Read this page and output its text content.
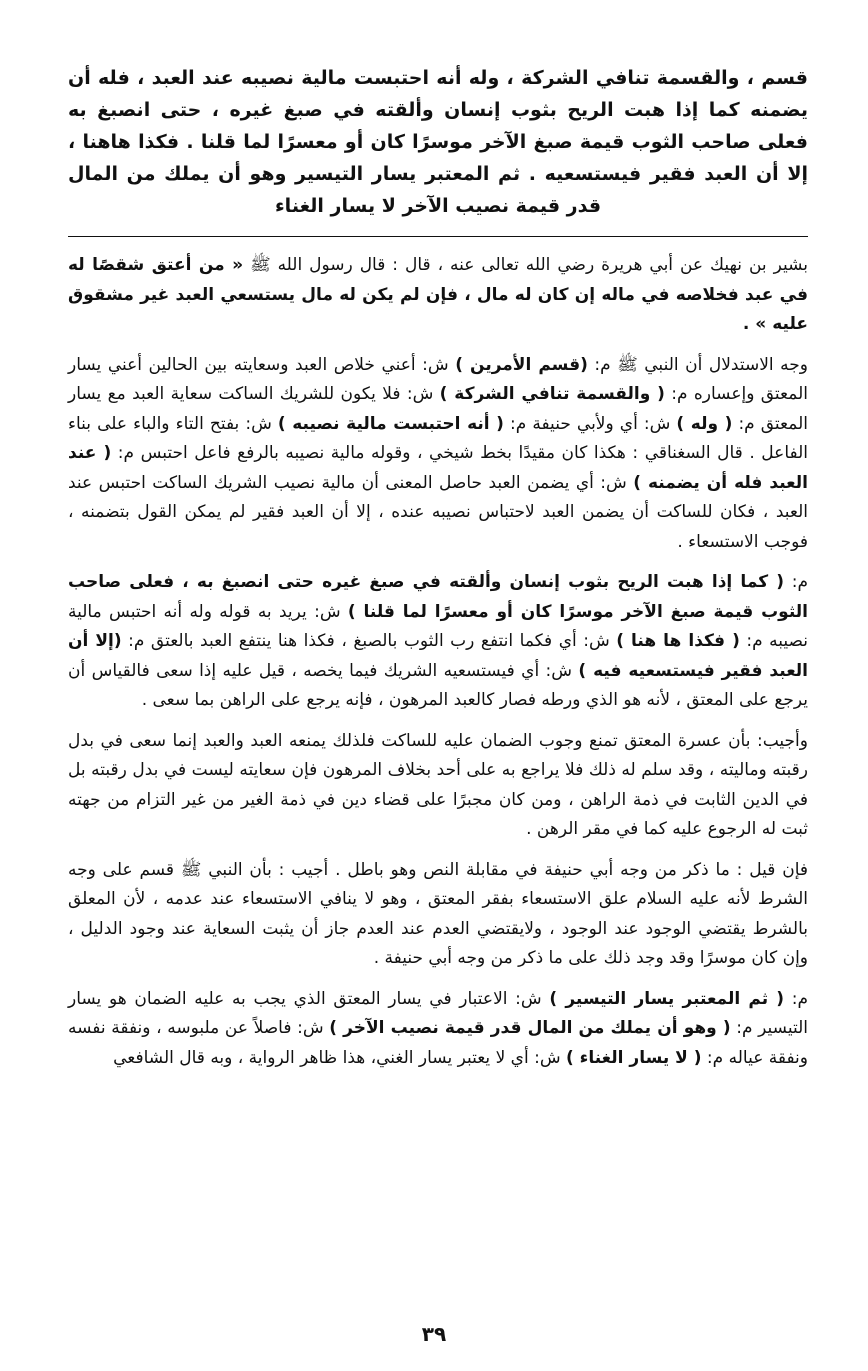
قسم ، والقسمة تنافي الشركة ، وله أنه احتبست مالية نصيبه عند العبد ، فله أن يضمنه كما إذا هبت الريح بثوب إنسان وألقته في صبغ غيره ، حتى انصبغ به فعلى صاحب الثوب قيمة صبغ الآخر موسرًا كان أو معسرًا لما قلنا . فكذا هاهنا ، إلا أن العبد فقير فيستسعيه . ثم المعتبر يسار التيسير وهو أن يملك من المال قدر قيمة نصيب الآخر لا يسار الغناء

بشير بن نهيك عن أبي هريرة رضي الله تعالى عنه ، قال : قال رسول الله ﷺ « من أعتق شقصًا له في عبد فخلاصه في ماله إن كان له مال ، فإن لم يكن له مال يستسعي العبد غير مشقوق عليه » .

وجه الاستدلال أن النبي ﷺ م: (قسم الأمرين ) ش: أعني خلاص العبد وسعايته بين الحالين أعني يسار المعتق وإعساره م: ( والقسمة تنافي الشركة ) ش: فلا يكون للشريك الساكت سعاية العبد مع يسار المعتق م: ( وله ) ش: أي ولأبي حنيفة م: ( أنه احتبست مالية نصيبه ) ش: بفتح التاء والباء على بناء الفاعل . قال السغناقي : هكذا كان مقيدًا بخط شيخي ، وقوله مالية نصيبه بالرفع فاعل احتبس م: ( عند العبد فله أن يضمنه ) ش: أي يضمن العبد حاصل المعنى أن مالية نصيب الشريك الساكت احتبس عند العبد ، فكان للساكت أن يضمن العبد لاحتباس نصيبه عنده ، إلا أن العبد فقير لم يمكن القول بتضمنه ، فوجب الاستسعاء .

م: ( كما إذا هبت الريح بثوب إنسان وألقته في صبغ غيره حتى انصبغ به ، فعلى صاحب الثوب قيمة صبغ الآخر موسرًا كان أو معسرًا لما قلنا ) ش: يريد به قوله وله أنه احتبس مالية نصيبه م: ( فكذا ها هنا ) ش: أي فكما انتفع رب الثوب بالصبغ ، فكذا هنا ينتفع العبد بالعتق م: (إلا أن العبد فقير فيستسعيه فيه ) ش: أي فيستسعيه الشريك فيما يخصه ، قيل عليه إذا سعى فالقياس أن يرجع على المعتق ، لأنه هو الذي ورطه فصار كالعبد المرهون ، فإنه يرجع على الراهن بما سعى .

وأجيب: بأن عسرة المعتق تمنع وجوب الضمان عليه للساكت فلذلك يمنعه العبد والعبد إنما سعى في بدل رقبته وماليته ، وقد سلم له ذلك فلا يراجع به على أحد بخلاف المرهون فإن سعايته ليست في بدل رقبته بل في الدين الثابت في ذمة الراهن ، ومن كان مجبرًا على قضاء دين في ذمة الغير من غير التزام من جهته ثبت له الرجوع عليه كما في مقر الرهن .

فإن قيل : ما ذكر من وجه أبي حنيفة في مقابلة النص وهو باطل . أجيب : بأن النبي ﷺ قسم على وجه الشرط لأنه عليه السلام علق الاستسعاء بفقر المعتق ، وهو لا ينافي الاستسعاء عند عدمه ، لأن المعلق بالشرط يقتضي الوجود عند الوجود ، ولايقتضي العدم عند العدم جاز أن يثبت السعاية عند وجود الدليل ، وإن كان موسرًا وقد وجد ذلك على ما ذكر من وجه أبي حنيفة .

م: ( ثم المعتبر يسار التيسير ) ش: الاعتبار في يسار المعتق الذي يجب به عليه الضمان هو يسار التيسير م: ( وهو أن يملك من المال قدر قيمة نصيب الآخر ) ش: فاصلاً عن ملبوسه ، ونفقة نفسه ونفقة عياله م: ( لا يسار الغناء ) ش: أي لا يعتبر يسار الغني، هذا ظاهر الرواية ، وبه قال الشافعي

٣٩
